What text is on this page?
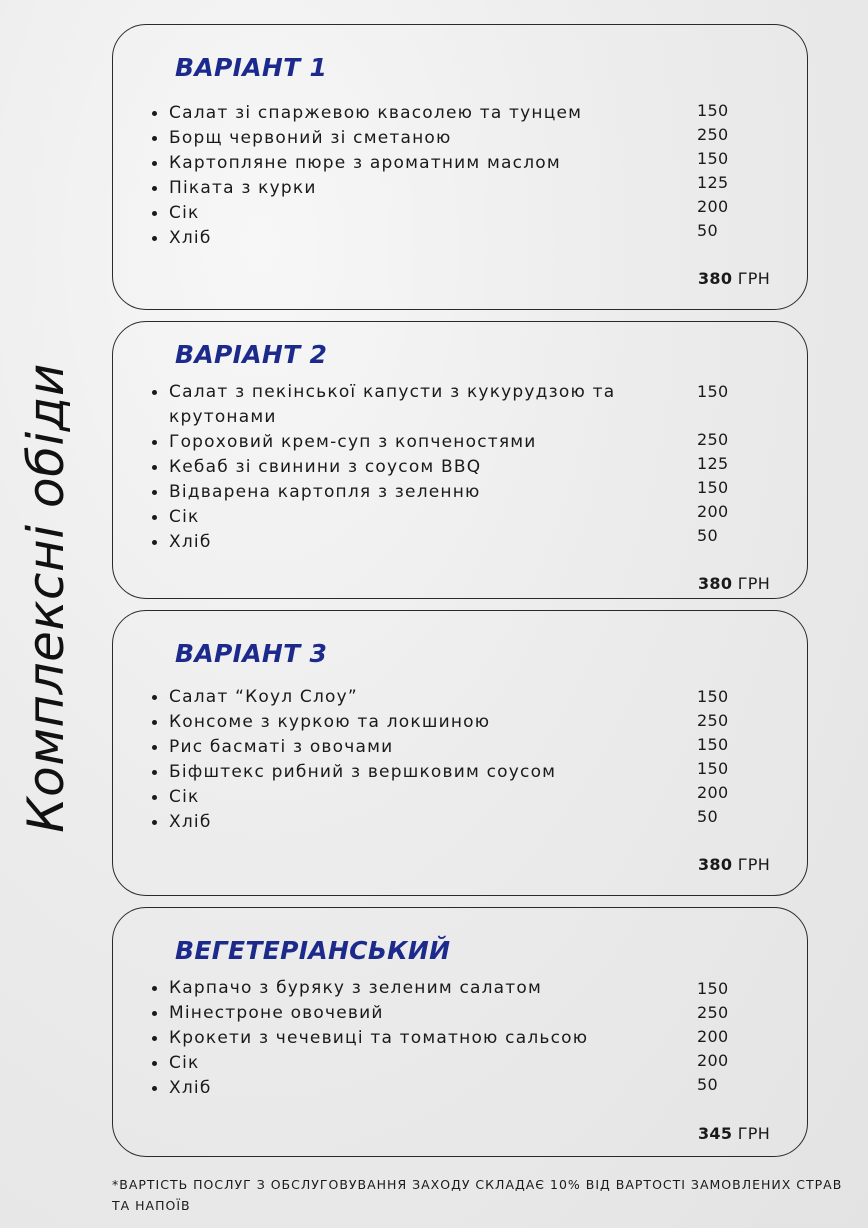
Комплексні обіди
ВАРІАНТ 1
Салат зі спаржевою квасолею та тунцем
Борщ червоний зі сметаною
Картопляне пюре з ароматним маслом
Піката з курки
Сік
Хліб
150
250
150
125
200
50
380 ГРН
ВАРІАНТ 2
Салат з пекінської капусти з кукурудзою та крутонами
Гороховий крем-суп з копченостями
Кебаб зі свинини з соусом BBQ
Відварена картопля з зеленню
Сік
Хліб
150
250
125
150
200
50
380 ГРН
ВАРІАНТ 3
Салат “Коул Слоу”
Консоме з куркою та локшиною
Рис басматі з овочами
Біфштекс рибний з вершковим соусом
Сік
Хліб
150
250
150
150
200
50
380 ГРН
ВЕГЕТЕРІАНСЬКИЙ
Карпачо з буряку з зеленим салатом
Мінестроне овочевий
Крокети з чечевиці та томатною сальсою
Сік
Хліб
150
250
200
200
50
345 ГРН
*ВАРТІСТЬ ПОСЛУГ З ОБСЛУГОВУВАННЯ ЗАХОДУ СКЛАДАЄ 10% ВІД ВАРТОСТІ ЗАМОВЛЕНИХ СТРАВ ТА НАПОЇВ
